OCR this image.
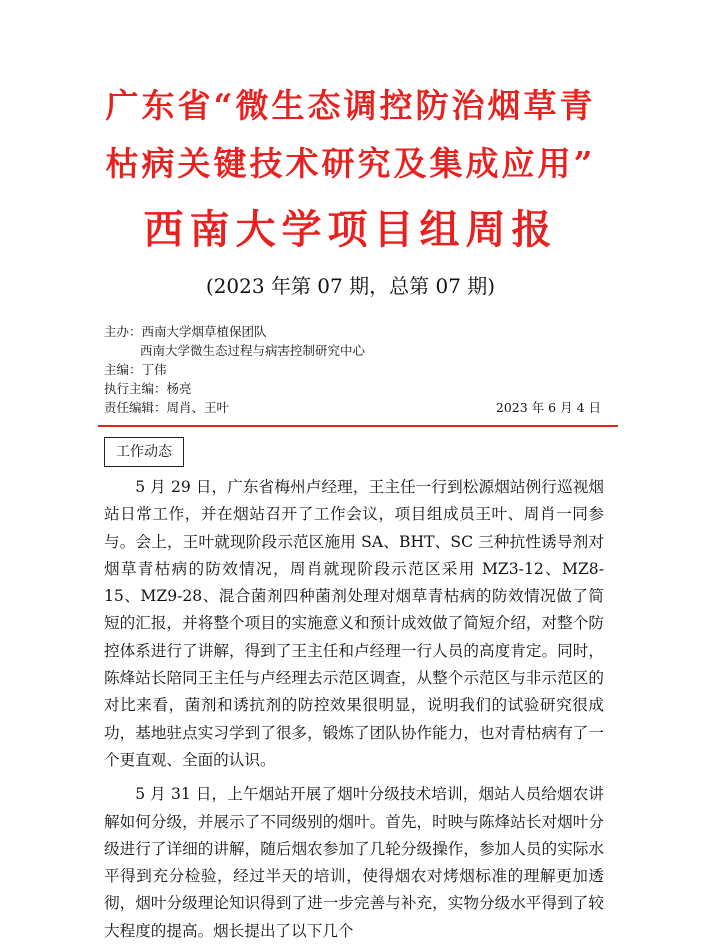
广东省“微生态调控防治烟草青
枯病关键技术研究及集成应用”
西南大学项目组周报
(2023 年第 07 期，总第 07 期)
主办：西南大学烟草植保团队
西南大学微生态过程与病害控制研究中心
主编：丁伟
执行主编：杨亮
责任编辑：周肖、王叶	2023 年 6 月 4 日
工作动态

5 月 29 日，广东省梅州卢经理，王主任一行到松源烟站例行巡视烟站日常工作，并在烟站召开了工作会议，项目组成员王叶、周肖一同参与。会上，王叶就现阶段示范区施用 SA、BHT、SC 三种抗性诱导剂对烟草青枯病的防效情况，周肖就现阶段示范区采用 MZ3-12、MZ8-15、MZ9-28、混合菌剂四种菌剂处理对烟草青枯病的防效情况做了简短的汇报，并将整个项目的实施意义和预计成效做了简短介绍，对整个防控体系进行了讲解，得到了王主任和卢经理一行人员的高度肯定。同时，陈烽站长陪同王主任与卢经理去示范区调查，从整个示范区与非示范区的对比来看，菌剂和诱抗剂的防控效果很明显，说明我们的试验研究很成功，基地驻点实习学到了很多，锻炼了团队协作能力，也对青枯病有了一个更直观、全面的认识。

5 月 31 日，上午烟站开展了烟叶分级技术培训，烟站人员给烟农讲解如何分级，并展示了不同级别的烟叶。首先，时映与陈烽站长对烟叶分级进行了详细的讲解，随后烟农参加了几轮分级操作，参加人员的实际水平得到充分检验，经过半天的培训，使得烟农对烤烟标准的理解更加透彻，烟叶分级理论知识得到了进一步完善与补充，实物分级水平得到了较大程度的提高。烟长提出了以下几个
